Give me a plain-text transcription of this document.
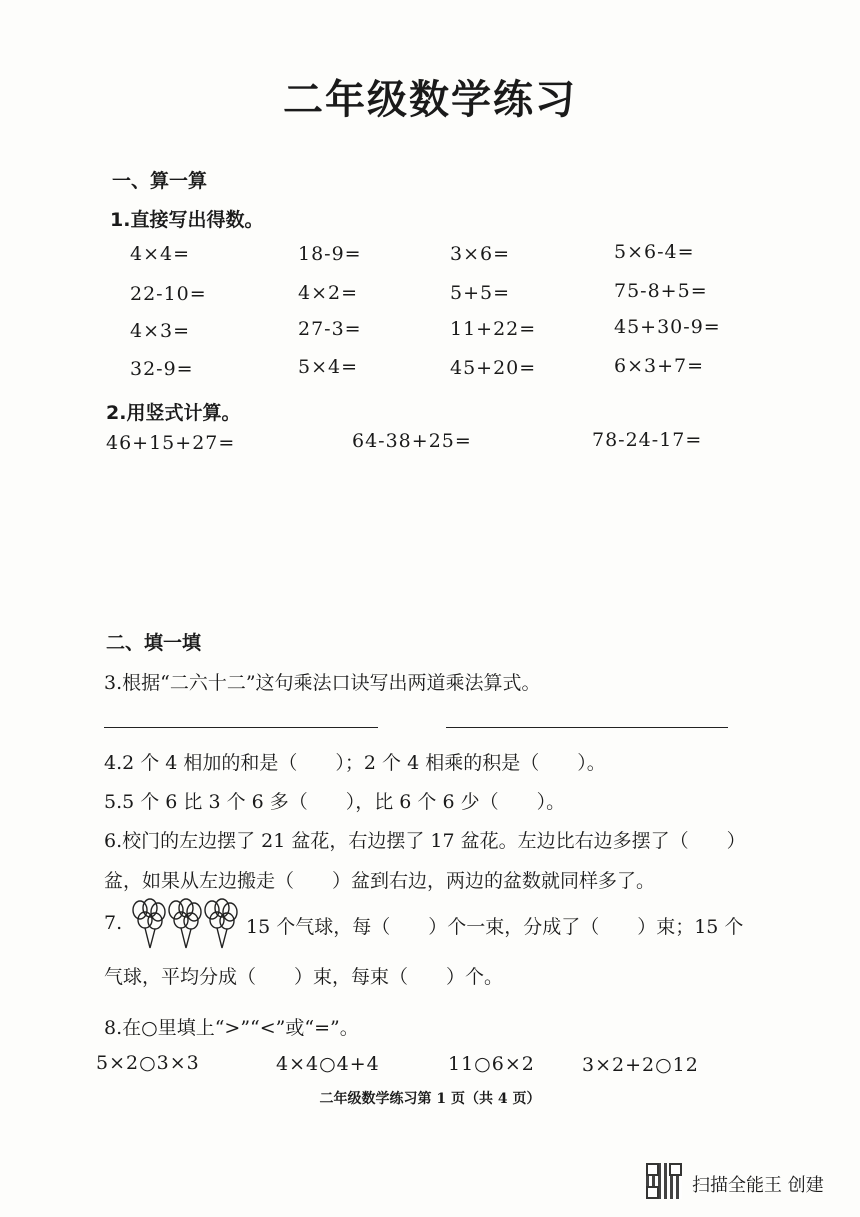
二年级数学练习
一、算一算
1.直接写出得数。
4×4=	18-9=	3×6=	5×6-4=
22-10=	4×2=	5+5=	75-8+5=
4×3=	27-3=	11+22=	45+30-9=
32-9=	5×4=	45+20=	6×3+7=
2.用竖式计算。
46+15+27=	64-38+25=	78-24-17=
二、填一填
3.根据“二六十二”这句乘法口诀写出两道乘法算式。
4.2 个 4 相加的和是（　　）；2 个 4 相乘的积是（　　）。
5.5 个 6 比 3 个 6 多（　　），比 6 个 6 少（　　）。
6.校门的左边摆了 21 盆花，右边摆了 17 盆花。左边比右边多摆了（　　）
盆，如果从左边搬走（　　）盆到右边，两边的盆数就同样多了。
7.	15 个气球，每（　　）个一束，分成了（　　）束；15 个
气球，平均分成（　　）束，每束（　　）个。
8.在○里填上“>”“<”或“=”。
5×2○3×3	4×4○4+4	11○6×2 3×2+2○12
二年级数学练习第 1 页（共 4 页）
扫描全能王 创建
